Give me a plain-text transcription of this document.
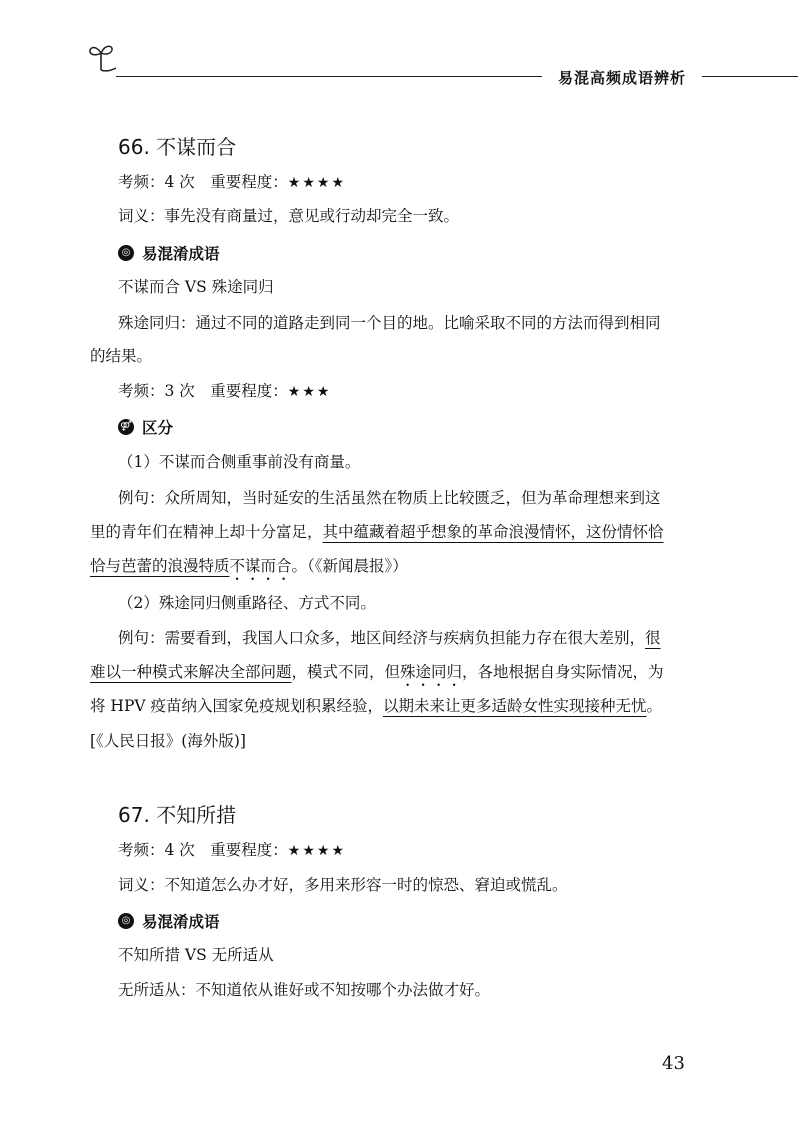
易混高频成语辨析
66. 不谋而合
考频：4 次　重要程度：★★★★
词义：事先没有商量过，意见或行动却完全一致。
◎ 易混淆成语
不谋而合 VS 殊途同归
殊途同归：通过不同的道路走到同一个目的地。比喻采取不同的方法而得到相同
的结果。
考频：3 次　重要程度：★★★
⚤ 区分
（1）不谋而合侧重事前没有商量。
例句：众所周知，当时延安的生活虽然在物质上比较匮乏，但为革命理想来到这
里的青年们在精神上却十分富足，其中蕴藏着超乎想象的革命浪漫情怀，这份情怀恰
恰与芭蕾的浪漫特质不谋而合。（《新闻晨报》）
（2）殊途同归侧重路径、方式不同。
例句：需要看到，我国人口众多，地区间经济与疾病负担能力存在很大差别，很
难以一种模式来解决全部问题，模式不同，但殊途同归，各地根据自身实际情况，为
将 HPV 疫苗纳入国家免疫规划积累经验，以期未来让更多适龄女性实现接种无忧。
[《人民日报》(海外版)]
67. 不知所措
考频：4 次　重要程度：★★★★
词义：不知道怎么办才好，多用来形容一时的惊恐、窘迫或慌乱。
◎ 易混淆成语
不知所措 VS 无所适从
无所适从：不知道依从谁好或不知按哪个办法做才好。
43
